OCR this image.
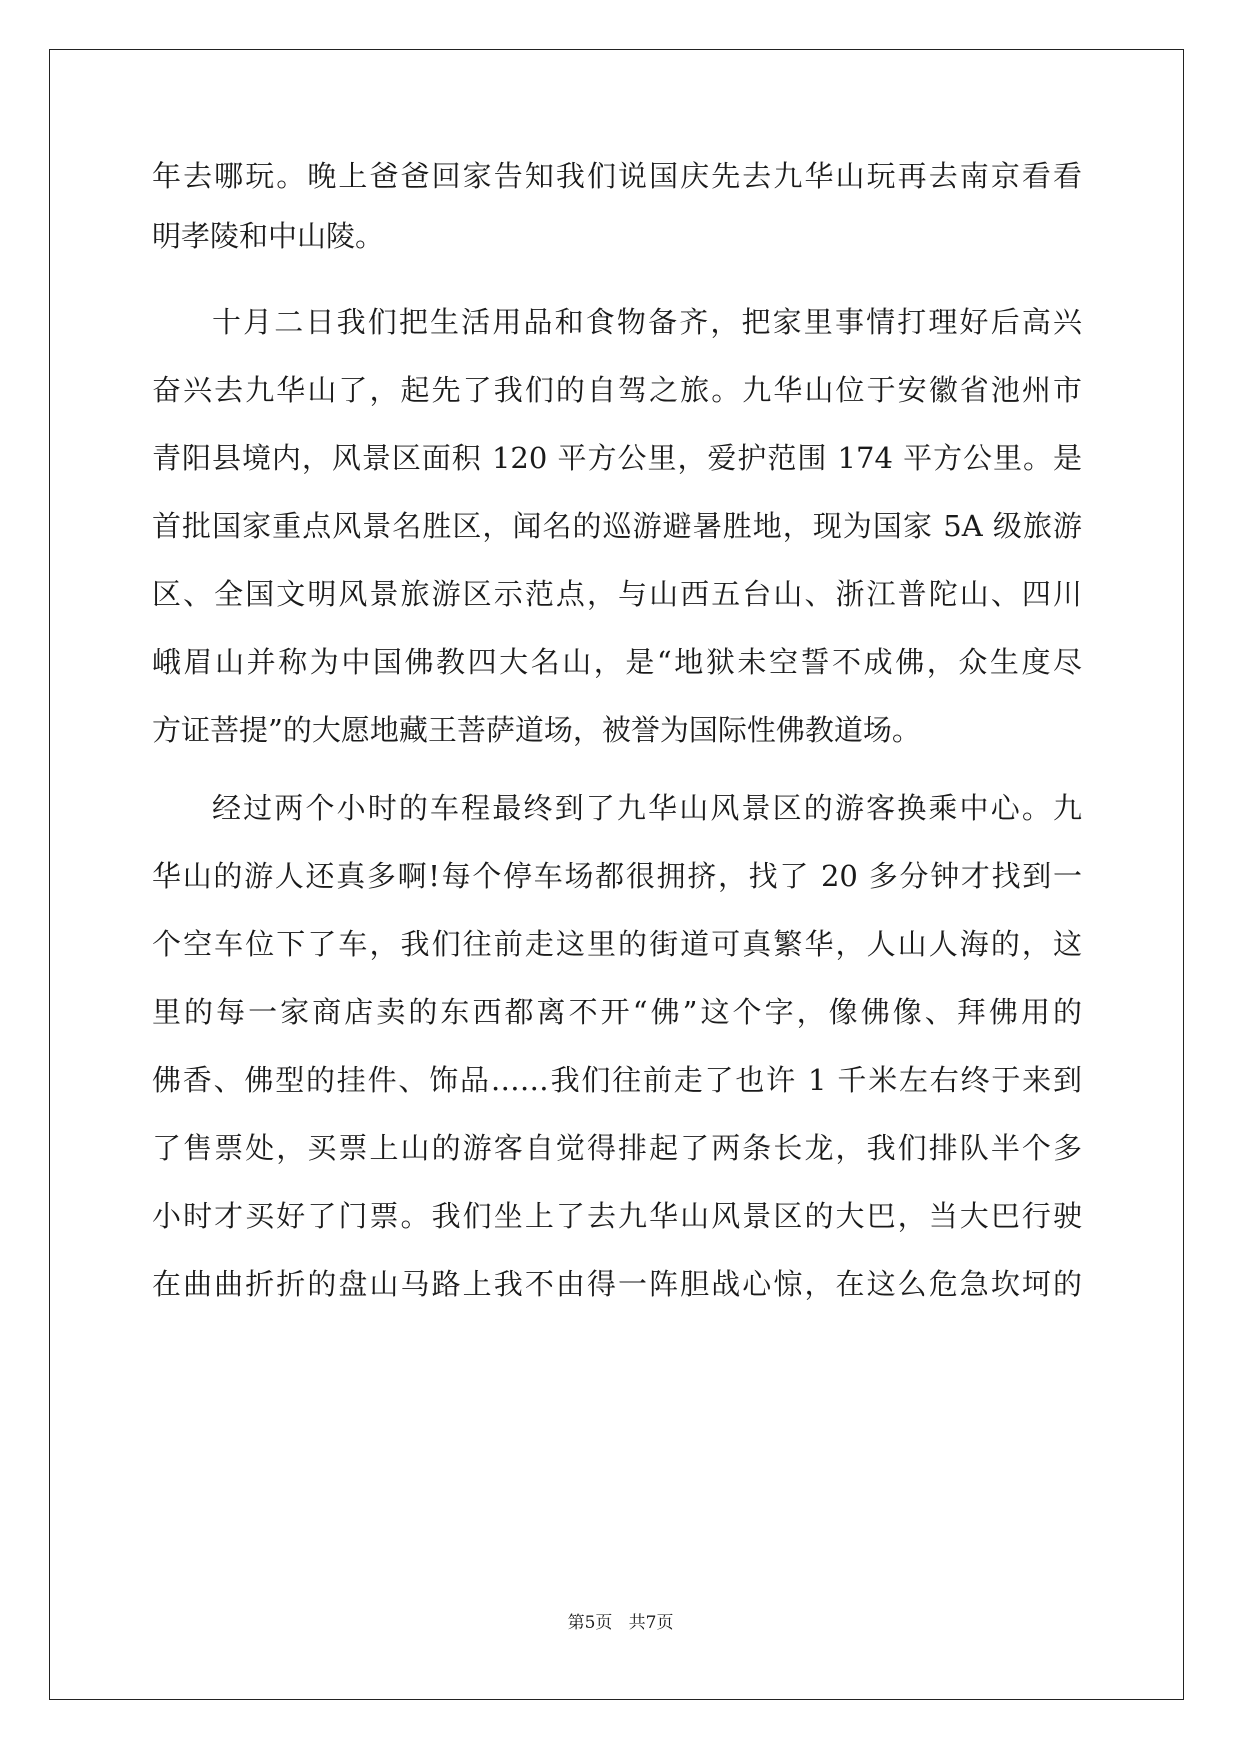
年去哪玩。晚上爸爸回家告知我们说国庆先去九华山玩再去南京看看
明孝陵和中山陵。
十月二日我们把生活用品和食物备齐，把家里事情打理好后高兴
奋兴去九华山了，起先了我们的自驾之旅。九华山位于安徽省池州市
青阳县境内，风景区面积 120 平方公里，爱护范围 174 平方公里。是
首批国家重点风景名胜区，闻名的巡游避暑胜地，现为国家 5A 级旅游
区、全国文明风景旅游区示范点，与山西五台山、浙江普陀山、四川
峨眉山并称为中国佛教四大名山，是“地狱未空誓不成佛，众生度尽
方证菩提”的大愿地藏王菩萨道场，被誉为国际性佛教道场。
经过两个小时的车程最终到了九华山风景区的游客换乘中心。九
华山的游人还真多啊!每个停车场都很拥挤，找了 20 多分钟才找到一
个空车位下了车，我们往前走这里的街道可真繁华，人山人海的，这
里的每一家商店卖的东西都离不开“佛”这个字，像佛像、拜佛用的
佛香、佛型的挂件、饰品……我们往前走了也许 1 千米左右终于来到
了售票处，买票上山的游客自觉得排起了两条长龙，我们排队半个多
小时才买好了门票。我们坐上了去九华山风景区的大巴，当大巴行驶
在曲曲折折的盘山马路上我不由得一阵胆战心惊，在这么危急坎坷的
第5页 共7页
